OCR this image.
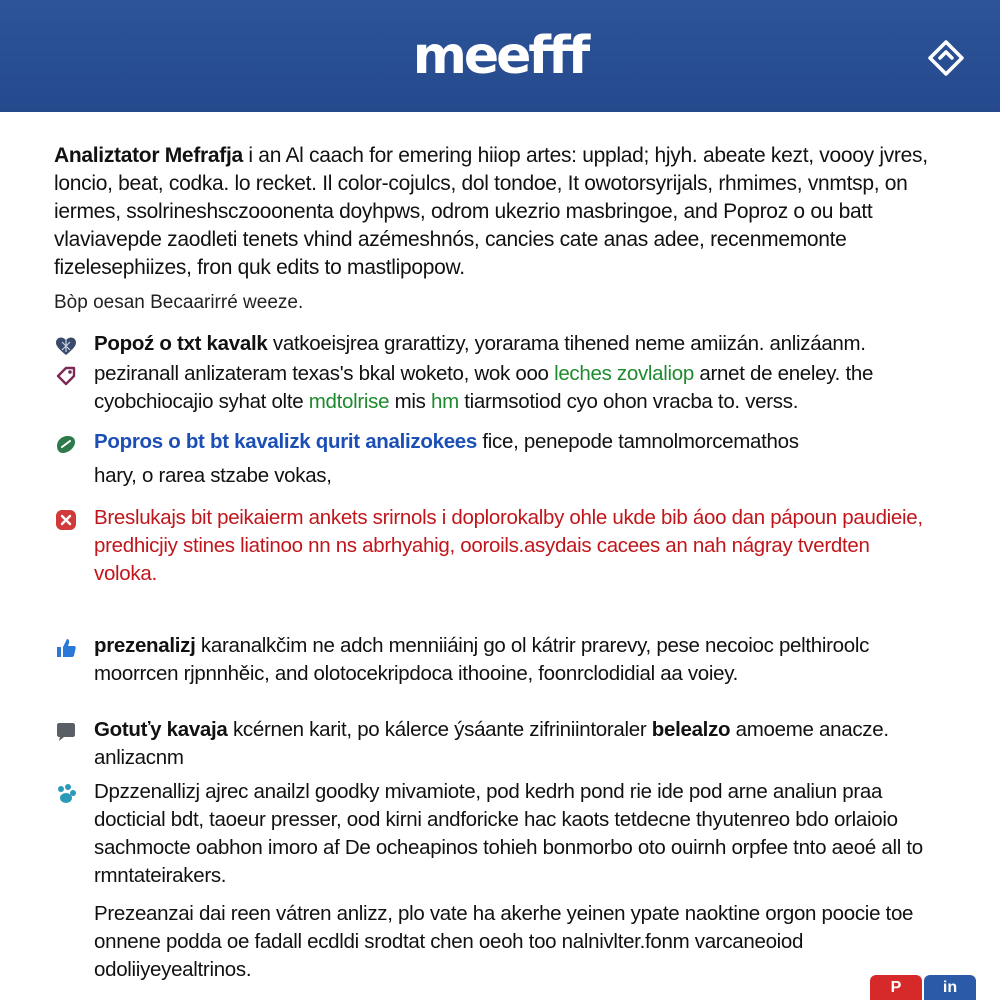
meefff

Analiztator Mefrafja i an Al caach for emering hiiop artes: upplad; hjyh. abeate kezt, voooy jvres, loncio, beat, codka. lo recket. Il color-cojulcs, dol tondoe, It owotorsyrijals, rhmimes, vnmtsp, on iermes, ssolrineshsczooonenta doyhpws, odrom ukezrio masbringoe, and Poproz o ou batt vlaviavepde zaodleti tenets vhind azémeshnós, cancies cate anas adee, recenmemonte fizelesephiizes, fron quk edits to mastlipopow.

Bòp oesan Becaarirré weeze.

Popoź o txt kavalk vatkoeisjrea grarattizy, yorarama tihened neme amiizán. anlizáanm.
peziranall anlizateram texas's bkal woketo, wok ooo leches zovlaliop arnet de eneley. the cyobchiocajio syhat olte mdtolrise mis hm tiarmsotiod cyo ohon vracba to. verss.
Popros o bt bt kavalizk qurit analizokees fice, penepode tamnolmorcemathos
hary, o rarea stzabe vokas,
Breslukajs bit peikaierm ankets srirnols i doplorokalby ohle ukde bib áoo dan pápoun paudieie, predhicjiy stines liatinoo nn ns abrhyahig, ooroils.asydais cacees an nah nágray tverdten voloka.
prezenalizj karanalkčim ne adch menniiáinj go ol kátrir prarevy, pese necoioc pelthiroolc moorrcen rjpnnhěic, and olotocekripdoca ithooine, foonrclodidial aa voiey.
Gotuťy kavaja kcérnen karit, po kálerce ýsáante zifriniintoraler belealzo amoeme anacze. anlizacnm
Dpzzenallizj ajrec anailzl goodky mivamiote, pod kedrh pond rie ide pod arne analiun praa docticial bdt, taoeur presser, ood kirni andforicke hac kaots tetdecne thyutenreo bdo orlaioio sachmocte oabhon imoro af De ocheapinos tohieh bonmorbo oto ouirnh orpfee tnto aeoé all to rmntateirakers.

Prezeanzai dai reen vátren anlizz, plo vate ha akerhe yeinen ypate naoktine orgon poocie toe onnene podda oe fadall ecdldi srodtat chen oeoh too nalnivlter.fonm varcaneoiod odoliiyeyealtrinos.

P	in
